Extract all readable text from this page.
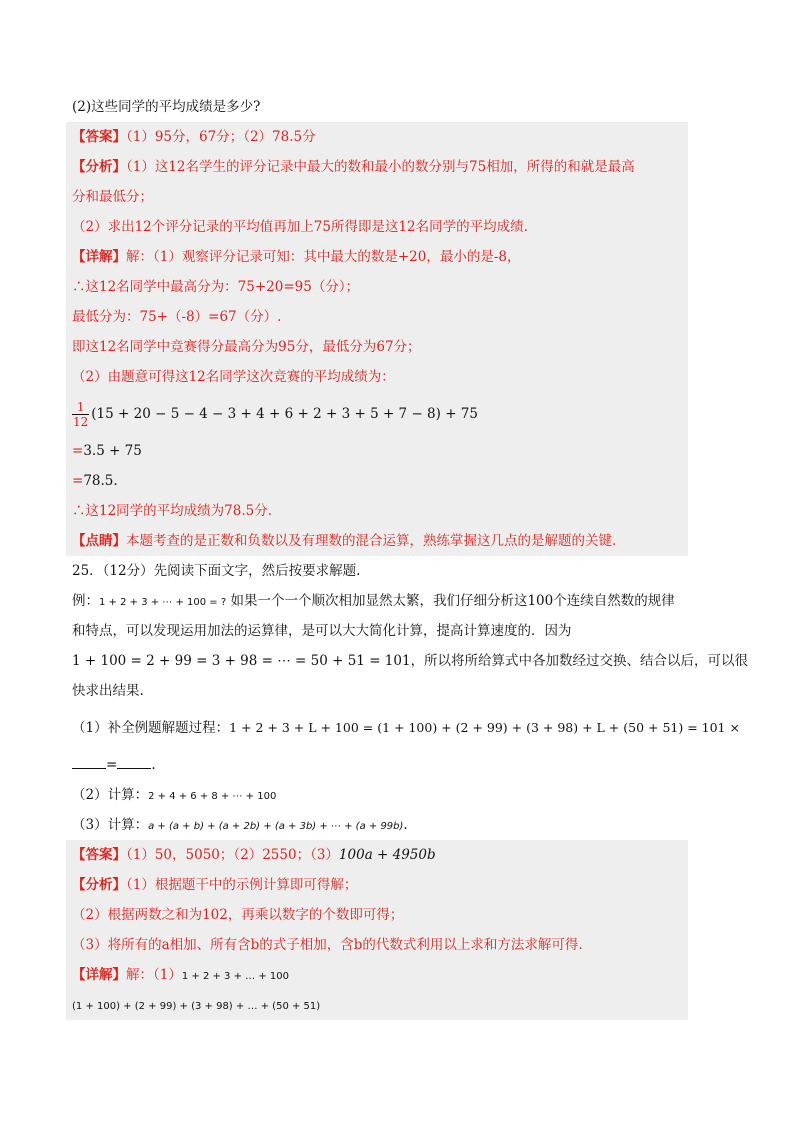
(2)这些同学的平均成绩是多少?
【答案】（1）95分，67分；（2）78.5分
【分析】（1）这12名学生的评分记录中最大的数和最小的数分别与75相加，所得的和就是最高
分和最低分；
（2）求出12个评分记录的平均值再加上75所得即是这12名同学的平均成绩.
【详解】解：（1）观察评分记录可知：其中最大的数是+20，最小的是-8，
∴这12名同学中最高分为：75+20=95（分）；
最低分为：75+（-8）=67（分）.
即这12名同学中竞赛得分最高分为95分，最低分为67分；
（2）由题意可得这12名同学这次竞赛的平均成绩为：
$\frac{1}{12} (15 + 20 - 5 - 4 - 3 + 4 + 6 + 2 + 3 + 5 + 7 - 8) + 75$
=3.5 + 75
=78.5.
∴这12同学的平均成绩为78.5分.
【点睛】本题考查的是正数和负数以及有理数的混合运算，熟练掌握这几点的是解题的关键.
25．（12分）先阅读下面文字，然后按要求解题.
例：1 + 2 + 3 + ⋯ + 100 = ? 如果一个一个顺次相加显然太繁，我们仔细分析这100个连续自然数的规律
和特点，可以发现运用加法的运算律，是可以大大简化计算，提高计算速度的．因为
1 + 100 = 2 + 99 = 3 + 98 = ⋯ = 50 + 51 = 101，所以将所给算式中各加数经过交换、结合以后，可以很
快求出结果.
（1）补全例题解题过程：1 + 2 + 3 + L + 100 = (1 + 100) + (2 + 99) + (3 + 98) + L + (50 + 51) = 101 ×
=	.
（2）计算：2 + 4 + 6 + 8 + ⋯ + 100
（3）计算：a + (a + b) + (a + 2b) + (a + 3b) + ⋯ + (a + 99b).
【答案】（1）50，5050；（2）2550；（3）100a + 4950b
【分析】（1）根据题干中的示例计算即可得解；
（2）根据两数之和为102，再乘以数字的个数即可得；
（3）将所有的a相加、所有含b的式子相加，含b的代数式利用以上求和方法求解可得.
【详解】解：（1）1 + 2 + 3 + … + 100
(1 + 100) + (2 + 99) + (3 + 98) + … + (50 + 51)
